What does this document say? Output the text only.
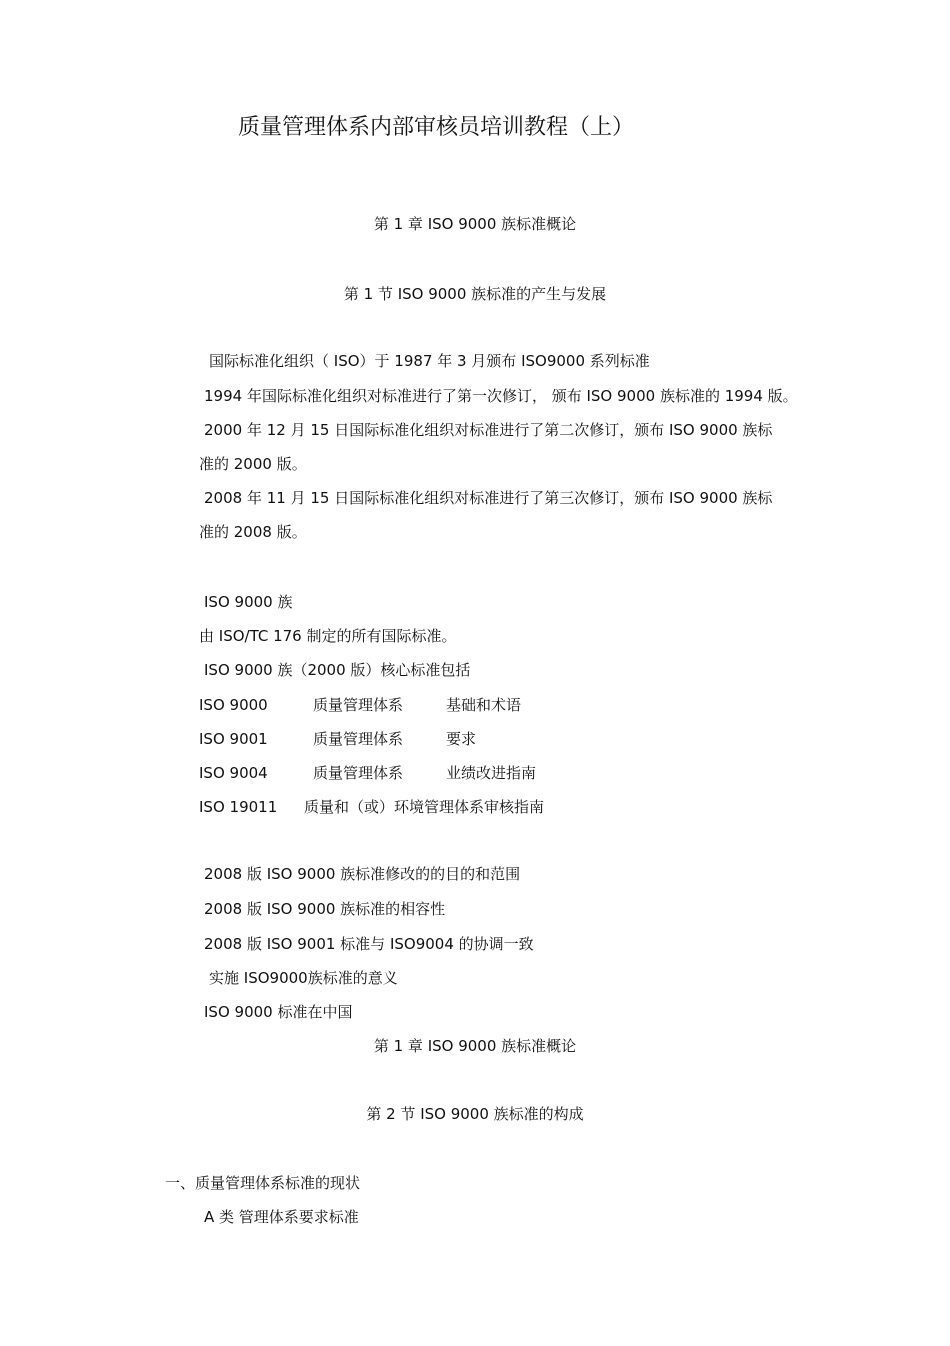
质量管理体系内部审核员培训教程（上）
第 1 章 ISO 9000 族标准概论
第 1 节 ISO 9000 族标准的产生与发展
国际标准化组织（ ISO）于 1987 年 3 月颁布 ISO9000 系列标准
1994 年国际标准化组织对标准进行了第一次修订， 颁布 ISO 9000 族标准的 1994 版。
2000 年 12 月 15 日国际标准化组织对标准进行了第二次修订，颁布 ISO 9000 族标
准的 2000 版。
2008 年 11 月 15 日国际标准化组织对标准进行了第三次修订，颁布 ISO 9000 族标
准的 2008 版。
ISO 9000 族
由 ISO/TC 176 制定的所有国际标准。
ISO 9000 族（2000 版）核心标准包括
ISO 9000	质量管理体系	基础和术语
ISO 9001	质量管理体系	要求
ISO 9004	质量管理体系	业绩改进指南
ISO 19011 质量和（或）环境管理体系审核指南
2008 版 ISO 9000 族标准修改的的目的和范围
2008 版 ISO 9000 族标准的相容性
2008 版 ISO 9001 标准与 ISO9004 的协调一致
实施 ISO9000族标准的意义
ISO 9000 标准在中国
第 1 章 ISO 9000 族标准概论
第 2 节 ISO 9000 族标准的构成
一、质量管理体系标准的现状
A 类 管理体系要求标准
